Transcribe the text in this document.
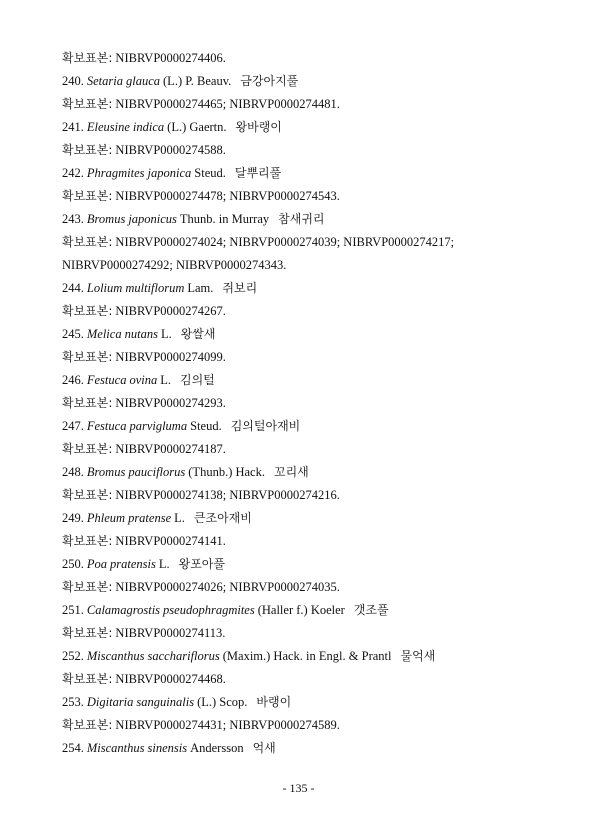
확보표본: NIBRVP0000274406.
240. Setaria glauca (L.) P. Beauv. 금강아지풀
확보표본: NIBRVP0000274465; NIBRVP0000274481.
241. Eleusine indica (L.) Gaertn. 왕바랭이
확보표본: NIBRVP0000274588.
242. Phragmites japonica Steud. 달뿌리풀
확보표본: NIBRVP0000274478; NIBRVP0000274543.
243. Bromus japonicus Thunb. in Murray 참새귀리
확보표본: NIBRVP0000274024; NIBRVP0000274039; NIBRVP0000274217;
NIBRVP0000274292; NIBRVP0000274343.
244. Lolium multiflorum Lam. 쥐보리
확보표본: NIBRVP0000274267.
245. Melica nutans L. 왕쌀새
확보표본: NIBRVP0000274099.
246. Festuca ovina L. 김의털
확보표본: NIBRVP0000274293.
247. Festuca parvigluma Steud. 김의털아재비
확보표본: NIBRVP0000274187.
248. Bromus pauciflorus (Thunb.) Hack. 꼬리새
확보표본: NIBRVP0000274138; NIBRVP0000274216.
249. Phleum pratense L. 큰조아재비
확보표본: NIBRVP0000274141.
250. Poa pratensis L. 왕포아풀
확보표본: NIBRVP0000274026; NIBRVP0000274035.
251. Calamagrostis pseudophragmites (Haller f.) Koeler 갯조풀
확보표본: NIBRVP0000274113.
252. Miscanthus sacchariflorus (Maxim.) Hack. in Engl. & Prantl 물억새
확보표본: NIBRVP0000274468.
253. Digitaria sanguinalis (L.) Scop. 바랭이
확보표본: NIBRVP0000274431; NIBRVP0000274589.
254. Miscanthus sinensis Andersson 억새
- 135 -
